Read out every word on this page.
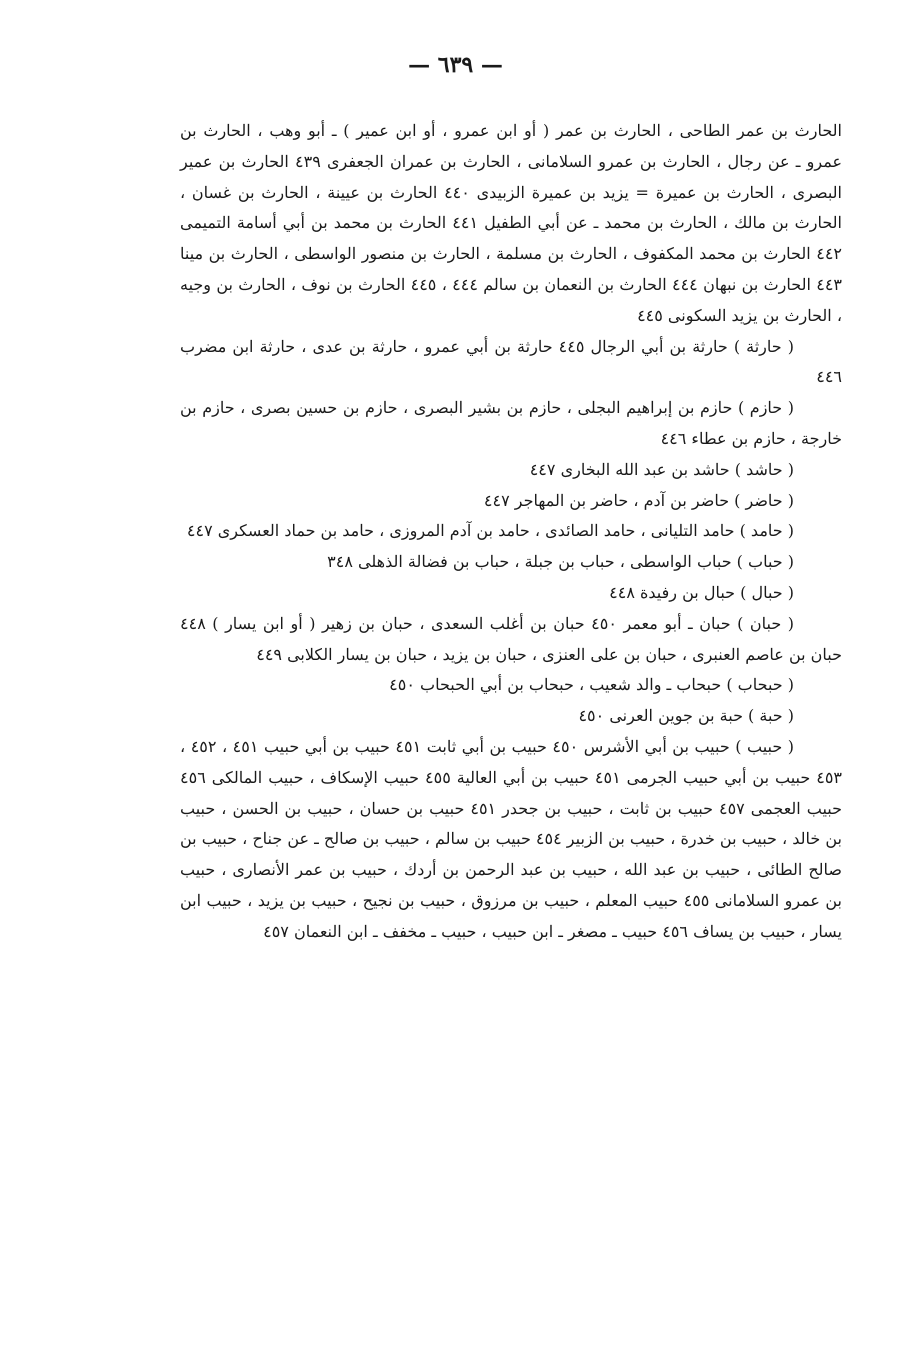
— ٦٣٩ —

الحارث بن عمر الطاحى ، الحارث بن عمر ( أو ابن عمرو ، أو ابن عمير ) ـ أبو وهب ، الحارث بن عمرو ـ عن رجال ، الحارث بن عمرو السلامانى ، الحارث بن عمران الجعفرى ٤٣٩ الحارث بن عمير البصرى ، الحارث بن عميرة = يزيد بن عميرة الزبيدى ٤٤٠ الحارث بن عيينة ، الحارث بن غسان ، الحارث بن مالك ، الحارث بن محمد ـ عن أبي الطفيل ٤٤١ الحارث بن محمد بن أبي أسامة التميمى ٤٤٢ الحارث بن محمد المكفوف ، الحارث بن مسلمة ، الحارث بن منصور الواسطى ، الحارث بن مينا ٤٤٣ الحارث بن نبهان ٤٤٤ الحارث بن النعمان بن سالم ٤٤٤ ، ٤٤٥ الحارث بن نوف ، الحارث بن وجيه ، الحارث بن يزيد السكونى ٤٤٥

( حارثة ) حارثة بن أبي الرجال ٤٤٥ حارثة بن أبي عمرو ، حارثة بن عدى ، حارثة ابن مضرب ٤٤٦

( حازم ) حازم بن إبراهيم البجلى ، حازم بن بشير البصرى ، حازم بن حسين بصرى ، حازم بن خارجة ، حازم بن عطاء ٤٤٦

( حاشد ) حاشد بن عبد الله البخارى ٤٤٧

( حاضر ) حاضر بن آدم ، حاضر بن المهاجر ٤٤٧

( حامد ) حامد التليانى ، حامد الصائدى ، حامد بن آدم المروزى ، حامد بن حماد العسكرى ٤٤٧

( حباب ) حباب الواسطى ، حباب بن جبلة ، حباب بن فضالة الذهلى ٣٤٨

( حبال ) حبال بن رفيدة ٤٤٨

( حبان ) حبان ـ أبو معمر ٤٥٠ حبان بن أغلب السعدى ، حبان بن زهير ( أو ابن يسار ) ٤٤٨ حبان بن عاصم العنبرى ، حبان بن على العنزى ، حبان بن يزيد ، حبان بن يسار الكلابى ٤٤٩

( حبحاب ) حبحاب ـ والد شعيب ، حبحاب بن أبي الحبحاب ٤٥٠

( حبة ) حبة بن جوين العرنى ٤٥٠

( حبيب ) حبيب بن أبي الأشرس ٤٥٠ حبيب بن أبي ثابت ٤٥١ حبيب بن أبي حبيب ٤٥١ ، ٤٥٢ ، ٤٥٣ حبيب بن أبي حبيب الجرمى ٤٥١ حبيب بن أبي العالية ٤٥٥ حبيب الإسكاف ، حبيب المالكى ٤٥٦ حبيب العجمى ٤٥٧ حبيب بن ثابت ، حبيب بن جحدر ٤٥١ حبيب بن حسان ، حبيب بن الحسن ، حبيب بن خالد ، حبيب بن خدرة ، حبيب بن الزبير ٤٥٤ حبيب بن سالم ، حبيب بن صالح ـ عن جناح ، حبيب بن صالح الطائى ، حبيب بن عبد الله ، حبيب بن عبد الرحمن بن أردك ، حبيب بن عمر الأنصارى ، حبيب بن عمرو السلامانى ٤٥٥ حبيب المعلم ، حبيب بن مرزوق ، حبيب بن نجيح ، حبيب بن يزيد ، حبيب ابن يسار ، حبيب بن يساف ٤٥٦ حبيب ـ مصغر ـ ابن حبيب ، حبيب ـ مخفف ـ ابن النعمان ٤٥٧
